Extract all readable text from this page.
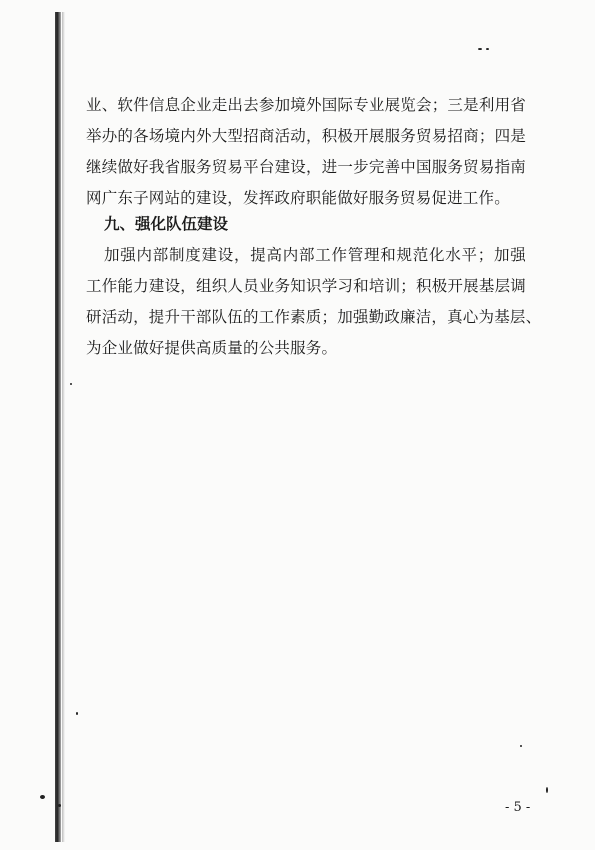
业、软件信息企业走出去参加境外国际专业展览会；三是利用省
举办的各场境内外大型招商活动，积极开展服务贸易招商；四是
继续做好我省服务贸易平台建设，进一步完善中国服务贸易指南
网广东子网站的建设，发挥政府职能做好服务贸易促进工作。
九、强化队伍建设
加强内部制度建设，提高内部工作管理和规范化水平；加强
工作能力建设，组织人员业务知识学习和培训；积极开展基层调
研活动，提升干部队伍的工作素质；加强勤政廉洁，真心为基层、
为企业做好提供高质量的公共服务。
- 5 -
